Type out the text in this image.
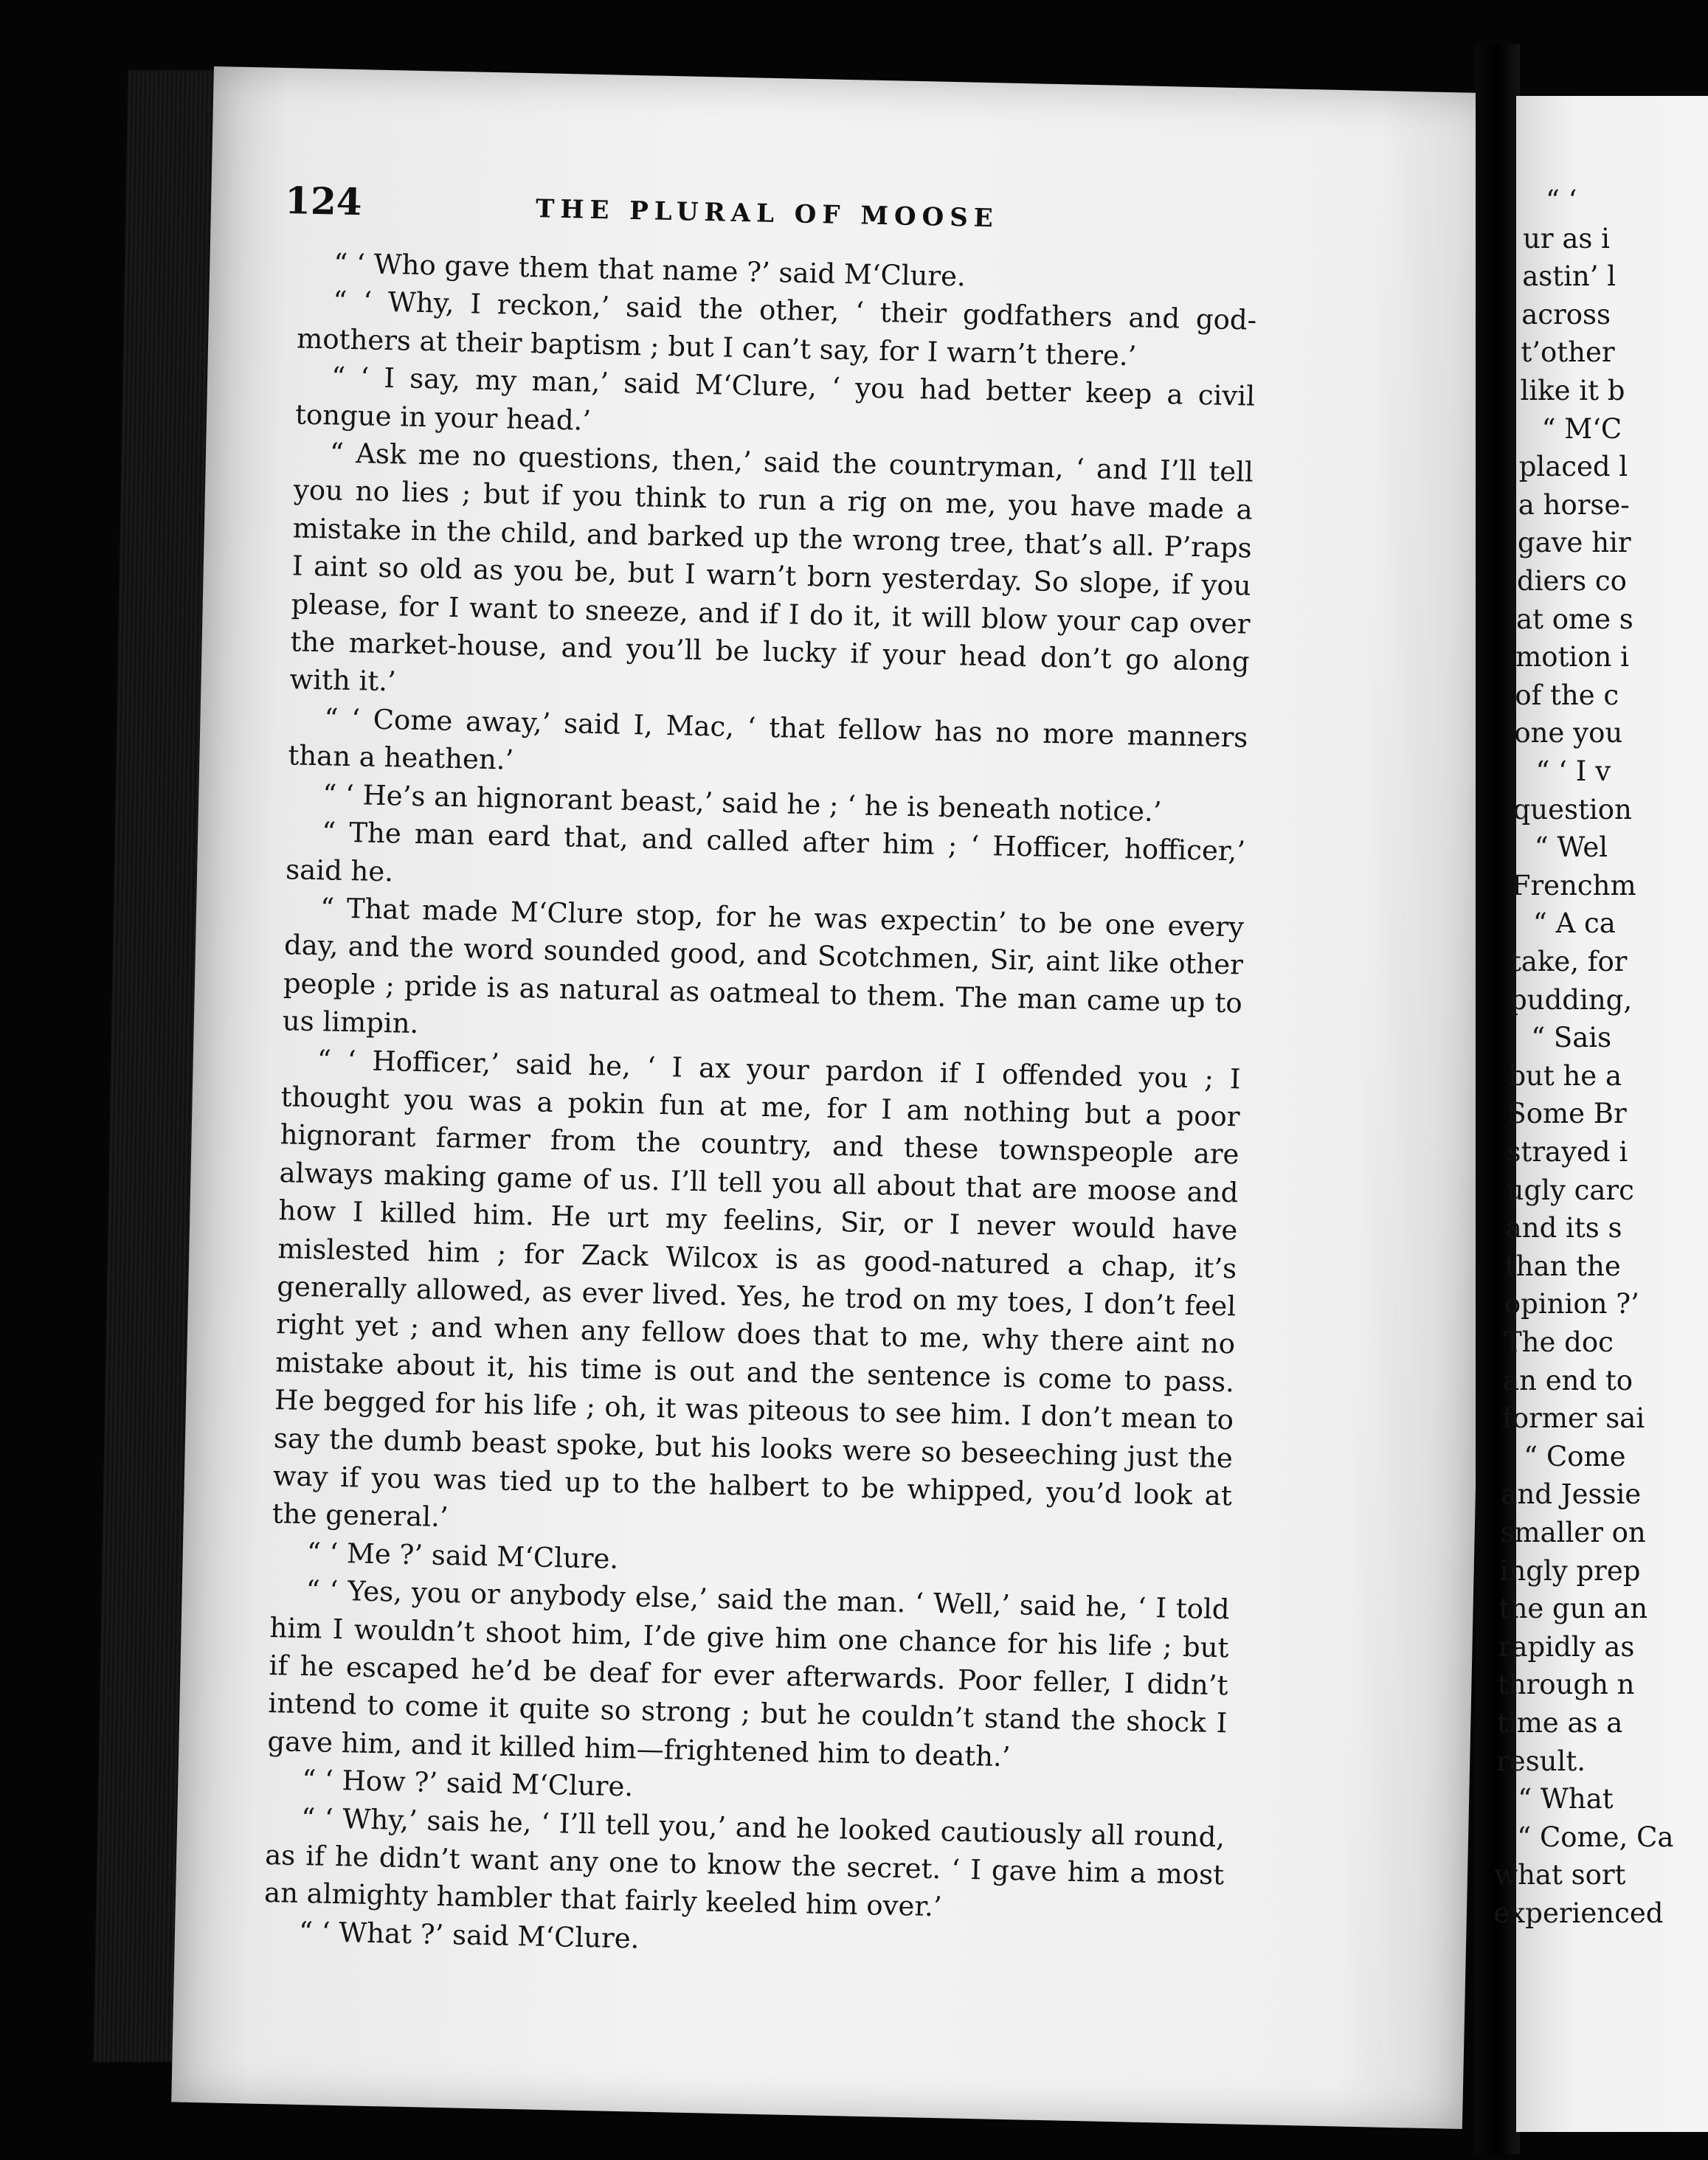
124	THE PLURAL OF MOOSE

“ ‘ Who gave them that name ?’ said M‘Clure.

“ ‘ Why, I reckon,’ said the other, ‘ their godfathers and god-mothers at their baptism ; but I can’t say, for I warn’t there.’

“ ‘ I say, my man,’ said M‘Clure, ‘ you had better keep a civil tongue in your head.’

“ Ask me no questions, then,’ said the countryman, ‘ and I’ll tell you no lies ; but if you think to run a rig on me, you have made a mistake in the child, and barked up the wrong tree, that’s all. P’raps I aint so old as you be, but I warn’t born yesterday. So slope, if you please, for I want to sneeze, and if I do it, it will blow your cap over the market-house, and you’ll be lucky if your head don’t go along with it.’

“ ‘ Come away,’ said I, Mac, ‘ that fellow has no more manners than a heathen.’

“ ‘ He’s an hignorant beast,’ said he ; ‘ he is beneath notice.’

“ The man eard that, and called after him ; ‘ Hofficer, hofficer,’ said he.

“ That made M‘Clure stop, for he was expectin’ to be one every day, and the word sounded good, and Scotchmen, Sir, aint like other people ; pride is as natural as oatmeal to them. The man came up to us limpin.

“ ‘ Hofficer,’ said he, ‘ I ax your pardon if I offended you ; I thought you was a pokin fun at me, for I am nothing but a poor hignorant farmer from the country, and these townspeople are always making game of us. I’ll tell you all about that are moose and how I killed him. He urt my feelins, Sir, or I never would have mislested him ; for Zack Wilcox is as good-natured a chap, it’s generally allowed, as ever lived. Yes, he trod on my toes, I don’t feel right yet ; and when any fellow does that to me, why there aint no mistake about it, his time is out and the sentence is come to pass. He begged for his life ; oh, it was piteous to see him. I don’t mean to say the dumb beast spoke, but his looks were so beseeching just the way if you was tied up to the halbert to be whipped, you’d look at the general.’

“ ‘ Me ?’ said M‘Clure.

“ ‘ Yes, you or anybody else,’ said the man. ‘ Well,’ said he, ‘ I told him I wouldn’t shoot him, I’de give him one chance for his life ; but if he escaped he’d be deaf for ever afterwards. Poor feller, I didn’t intend to come it quite so strong ; but he couldn’t stand the shock I gave him, and it killed him—frightened him to death.’

“ ‘ How ?’ said M‘Clure.

“ ‘ Why,’ sais he, ‘ I’ll tell you,’ and he looked cautiously all round, as if he didn’t want any one to know the secret. ‘ I gave him a most an almighty hambler that fairly keeled him over.’

“ ‘ What ?’ said M‘Clure.

“ ‘
ur as i
astin’ l
across
t’other
like it b
“ M‘C
placed l
a horse-
gave hir
diers co
at ome s
motion i
of the c
one you
“ ‘ I v
question
“ Wel
Frenchm
“ A ca
take, for
pudding,
“ Sais
but he a
Some Br
strayed i
ugly carc
and its s
than the
opinion ?’
The doc
an end to
former sai
“ Come
and Jessie
smaller on
ingly prep
the gun an
rapidly as
through n
time as a
result.
“ What
“ Come, Ca
what sort
experienced
